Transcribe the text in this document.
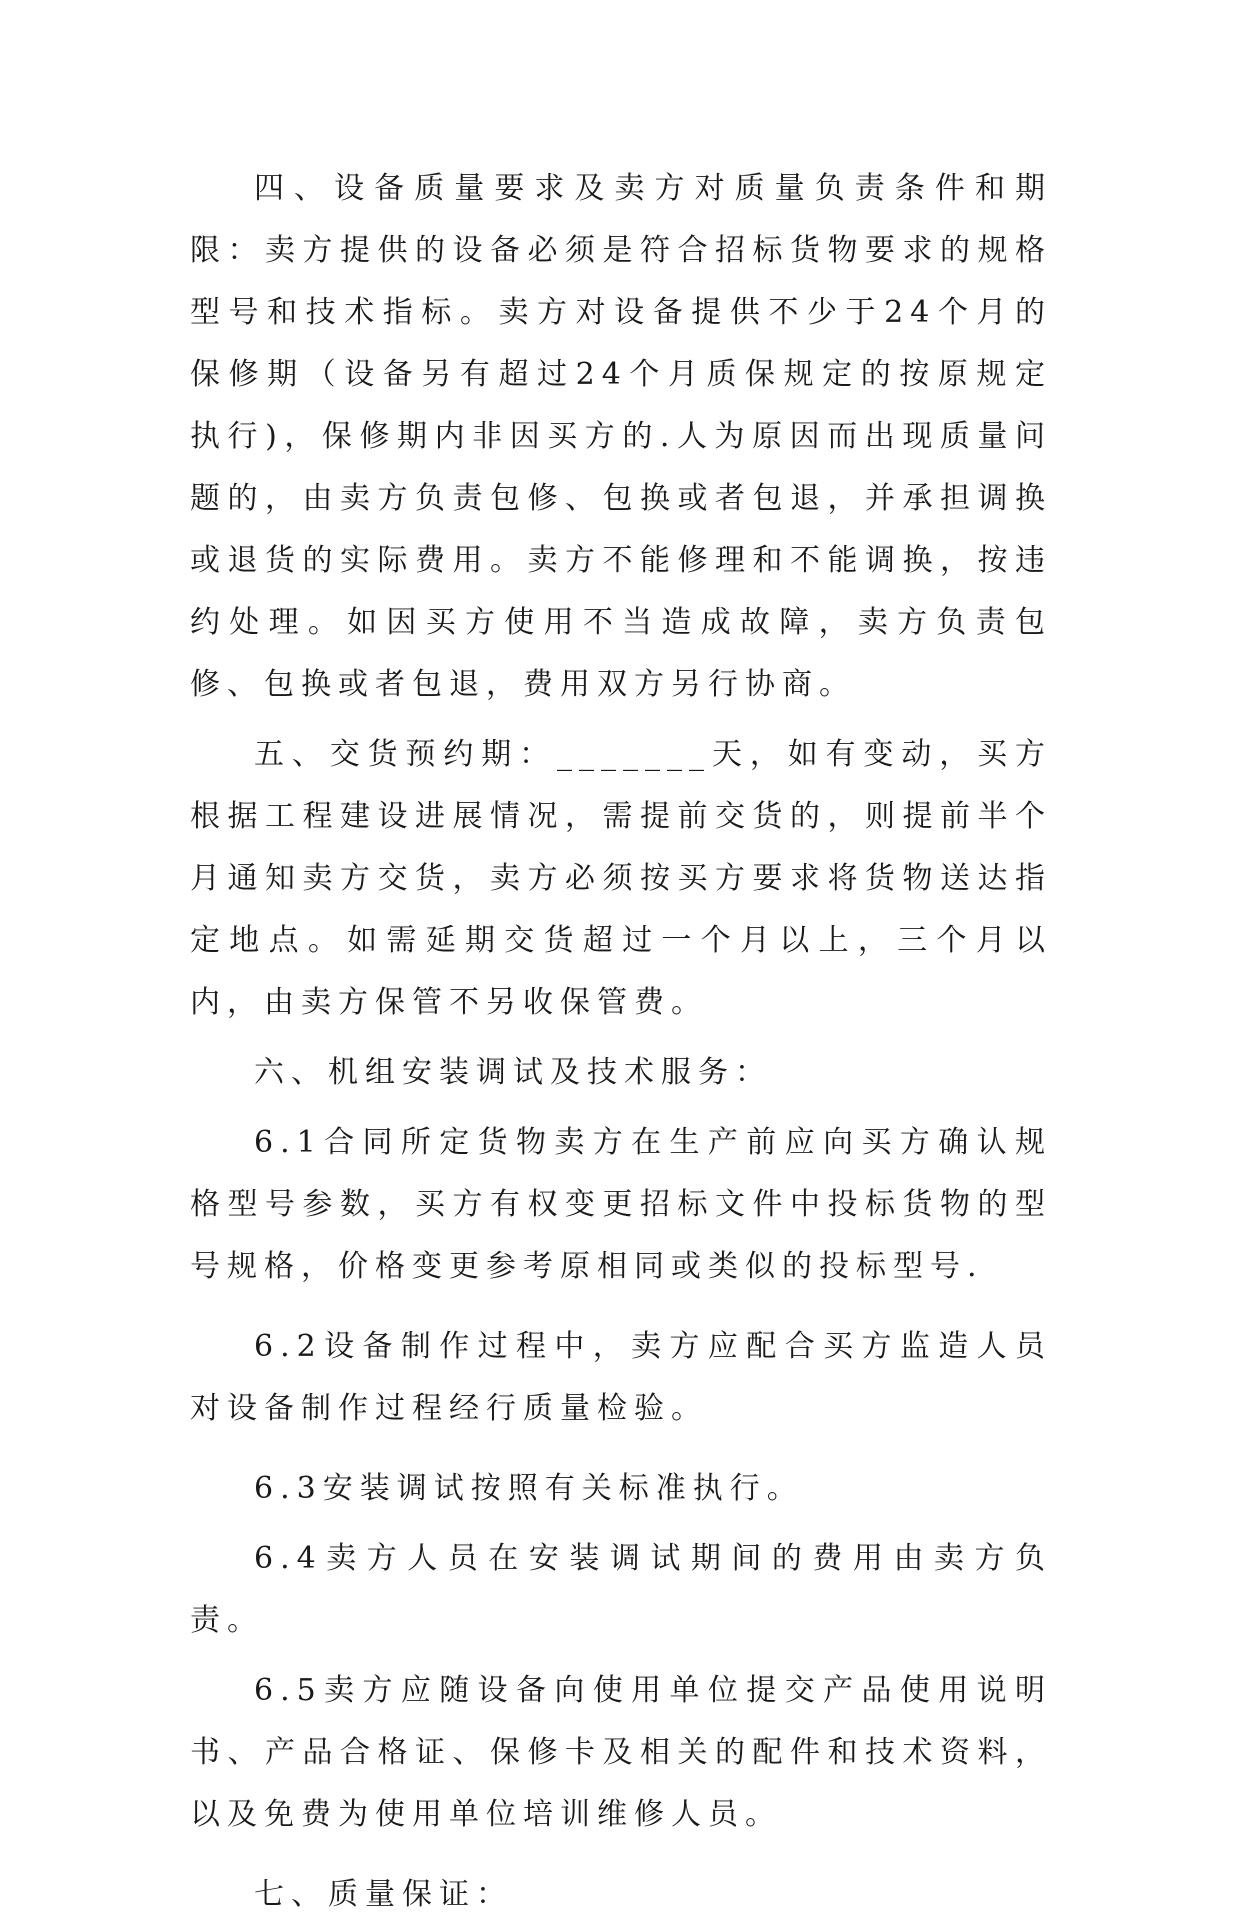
四、设备质量要求及卖方对质量负责条件和期限：卖方提供的设备必须是符合招标货物要求的规格型号和技术指标。卖方对设备提供不少于24个月的保修期（设备另有超过24个月质保规定的按原规定执行)，保修期内非因买方的.人为原因而出现质量问题的，由卖方负责包修、包换或者包退，并承担调换或退货的实际费用。卖方不能修理和不能调换，按违约处理。如因买方使用不当造成故障，卖方负责包修、包换或者包退，费用双方另行协商。

五、交货预约期：_______天，如有变动，买方根据工程建设进展情况，需提前交货的，则提前半个月通知卖方交货，卖方必须按买方要求将货物送达指定地点。如需延期交货超过一个月以上，三个月以内，由卖方保管不另收保管费。

六、机组安装调试及技术服务：

6.1合同所定货物卖方在生产前应向买方确认规格型号参数，买方有权变更招标文件中投标货物的型号规格，价格变更参考原相同或类似的投标型号.

6.2设备制作过程中，卖方应配合买方监造人员对设备制作过程经行质量检验。

6.3安装调试按照有关标准执行。

6.4卖方人员在安装调试期间的费用由卖方负责。

6.5卖方应随设备向使用单位提交产品使用说明书、产品合格证、保修卡及相关的配件和技术资料，以及免费为使用单位培训维修人员。

七、质量保证：
